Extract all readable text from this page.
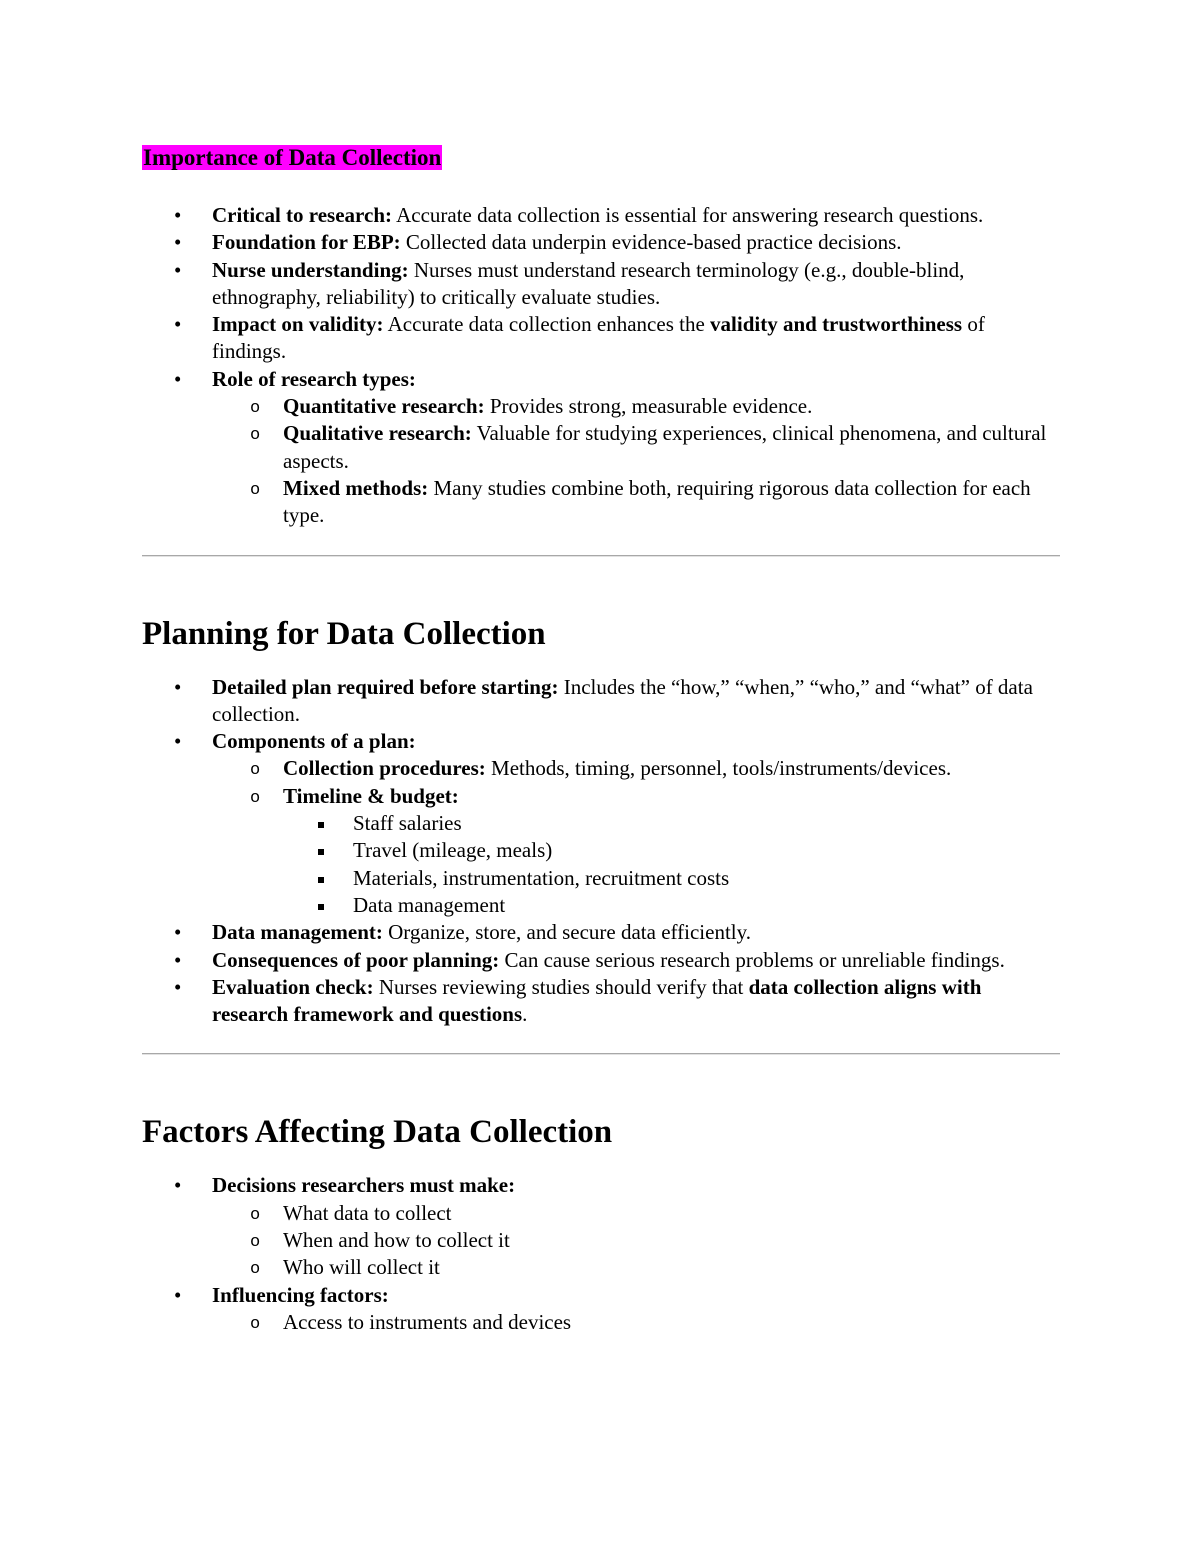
Importance of Data Collection

• Critical to research: Accurate data collection is essential for answering research questions.
• Foundation for EBP: Collected data underpin evidence-based practice decisions.
• Nurse understanding: Nurses must understand research terminology (e.g., double-blind, ethnography, reliability) to critically evaluate studies.
• Impact on validity: Accurate data collection enhances the validity and trustworthiness of findings.
• Role of research types:
o Quantitative research: Provides strong, measurable evidence.
o Qualitative research: Valuable for studying experiences, clinical phenomena, and cultural aspects.
o Mixed methods: Many studies combine both, requiring rigorous data collection for each type.
Planning for Data Collection
• Detailed plan required before starting: Includes the “how,” “when,” “who,” and “what” of data collection.
• Components of a plan:
o Collection procedures: Methods, timing, personnel, tools/instruments/devices.
o Timeline & budget:
Staff salaries
Travel (mileage, meals)
Materials, instrumentation, recruitment costs
Data management
• Data management: Organize, store, and secure data efficiently.
• Consequences of poor planning: Can cause serious research problems or unreliable findings.
• Evaluation check: Nurses reviewing studies should verify that data collection aligns with research framework and questions.
Factors Affecting Data Collection
• Decisions researchers must make:
o What data to collect
o When and how to collect it
o Who will collect it
• Influencing factors:
o Access to instruments and devices
